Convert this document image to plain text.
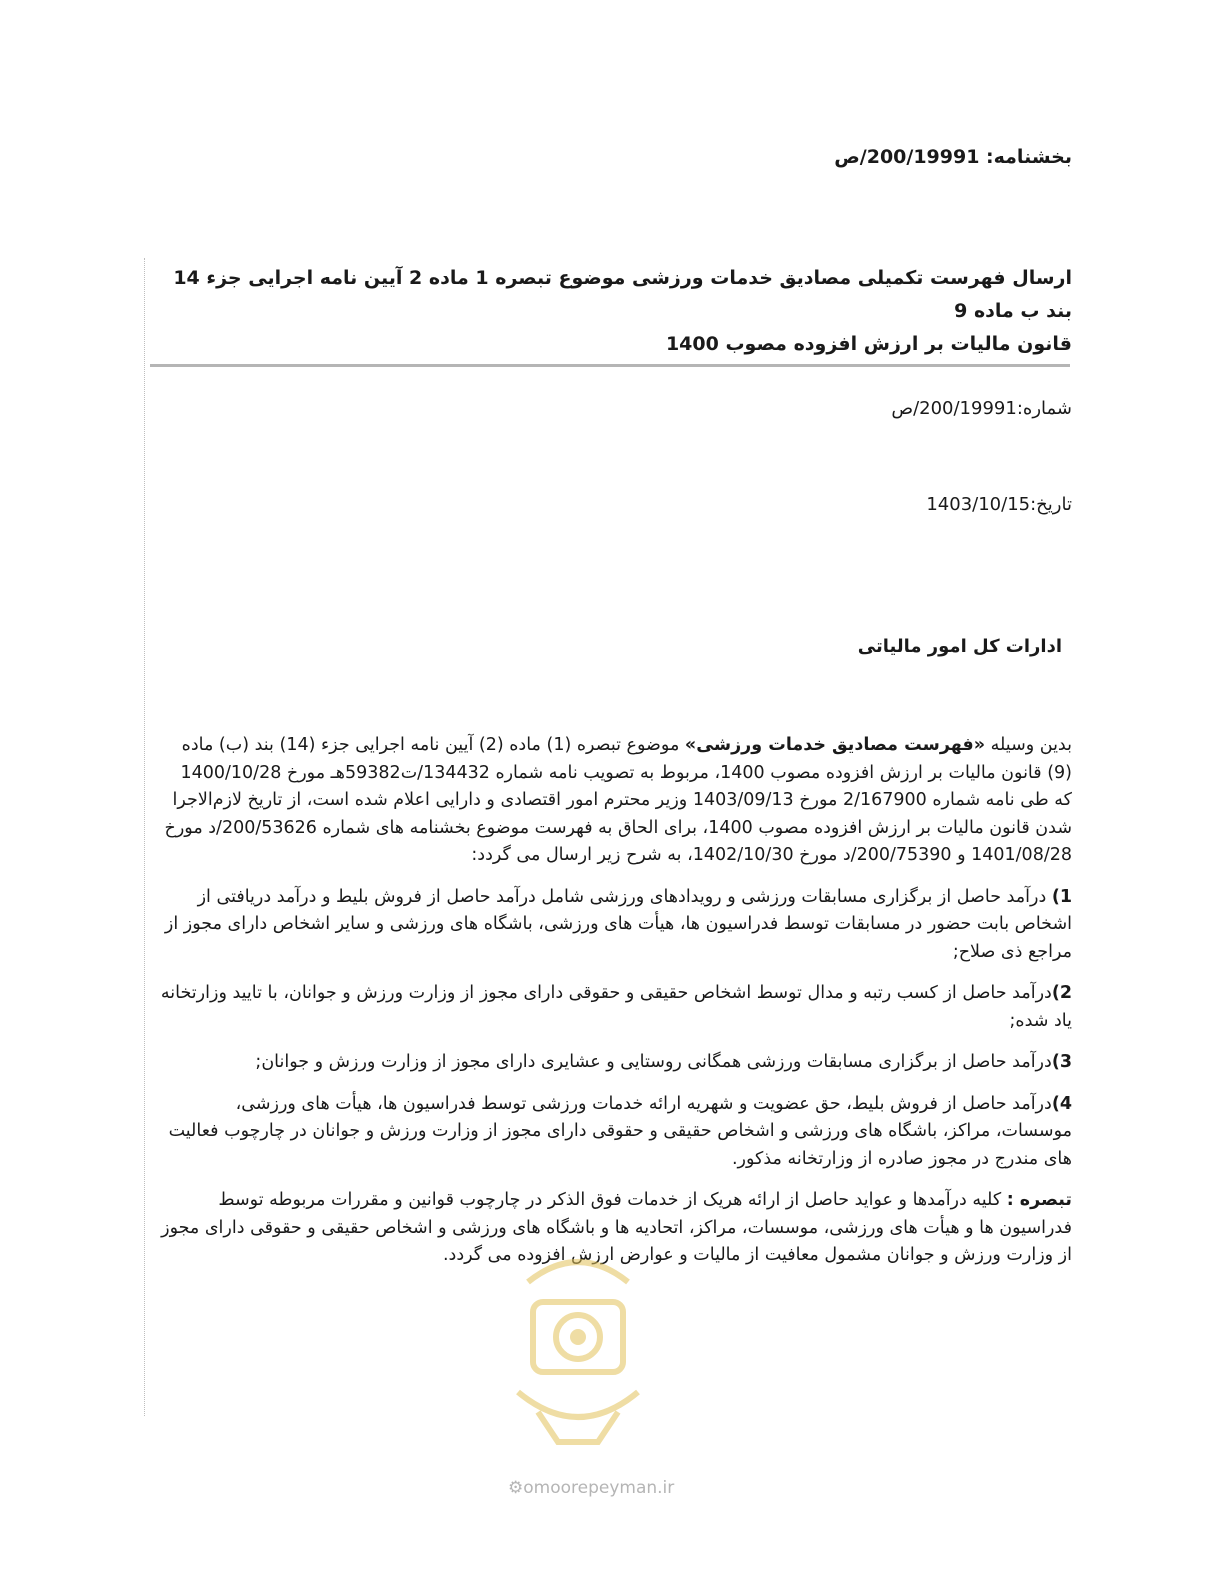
بخشنامه: 200/19991/ص
ارسال فهرست تکمیلی مصادیق خدمات ورزشی موضوع تبصره 1 ماده 2 آیین نامه اجرایی جزء 14 بند ب ماده 9
قانون مالیات بر ارزش افزوده مصوب 1400
شماره:200/19991/ص
تاریخ:1403/10/15
ادارات کل امور مالیاتی

بدین وسیله «فهرست مصادیق خدمات ورزشی» موضوع تبصره (1) ماده (2) آیین نامه اجرایی جزء (14) بند (ب) ماده (9) قانون مالیات بر ارزش افزوده مصوب 1400، مربوط به تصویب نامه شماره 134432/ت59382هـ مورخ 1400/10/28 که طی نامه شماره 2/167900 مورخ 1403/09/13 وزیر محترم امور اقتصادی و دارایی اعلام شده است، از تاریخ لازم‌الاجرا شدن قانون مالیات بر ارزش افزوده مصوب 1400، برای الحاق به فهرست موضوع بخشنامه های شماره 200/53626/د مورخ 1401/08/28 و 200/75390/د مورخ 1402/10/30، به شرح زیر ارسال می گردد:

1) درآمد حاصل از برگزاری مسابقات ورزشی و رویدادهای ورزشی شامل درآمد حاصل از فروش بلیط و درآمد دریافتی از اشخاص بابت حضور در مسابقات توسط فدراسیون ها، هیأت های ورزشی، باشگاه های ورزشی و سایر اشخاص دارای مجوز از مراجع ذی صلاح;

2)درآمد حاصل از کسب رتبه و مدال توسط اشخاص حقیقی و حقوقی دارای مجوز از وزارت ورزش و جوانان، با تایید وزارتخانه یاد شده;

3)درآمد حاصل از برگزاری مسابقات ورزشی همگانی روستایی و عشایری دارای مجوز از وزارت ورزش و جوانان;

4)درآمد حاصل از فروش بلیط، حق عضویت و شهریه ارائه خدمات ورزشی توسط فدراسیون ها، هیأت های ورزشی، موسسات، مراکز، باشگاه های ورزشی و اشخاص حقیقی و حقوقی دارای مجوز از وزارت ورزش و جوانان در چارچوب فعالیت های مندرج در مجوز صادره از وزارتخانه مذکور.

تبصره : کلیه درآمدها و عواید حاصل از ارائه هریک از خدمات فوق الذکر در چارچوب قوانین و مقررات مربوطه توسط فدراسیون ها و هیأت های ورزشی، موسسات، مراکز، اتحادیه ها و باشگاه های ورزشی و اشخاص حقیقی و حقوقی دارای مجوز از وزارت ورزش و جوانان مشمول معافیت از مالیات و عوارض ارزش افزوده می گردد.

⚙omoorepeyman.ir
